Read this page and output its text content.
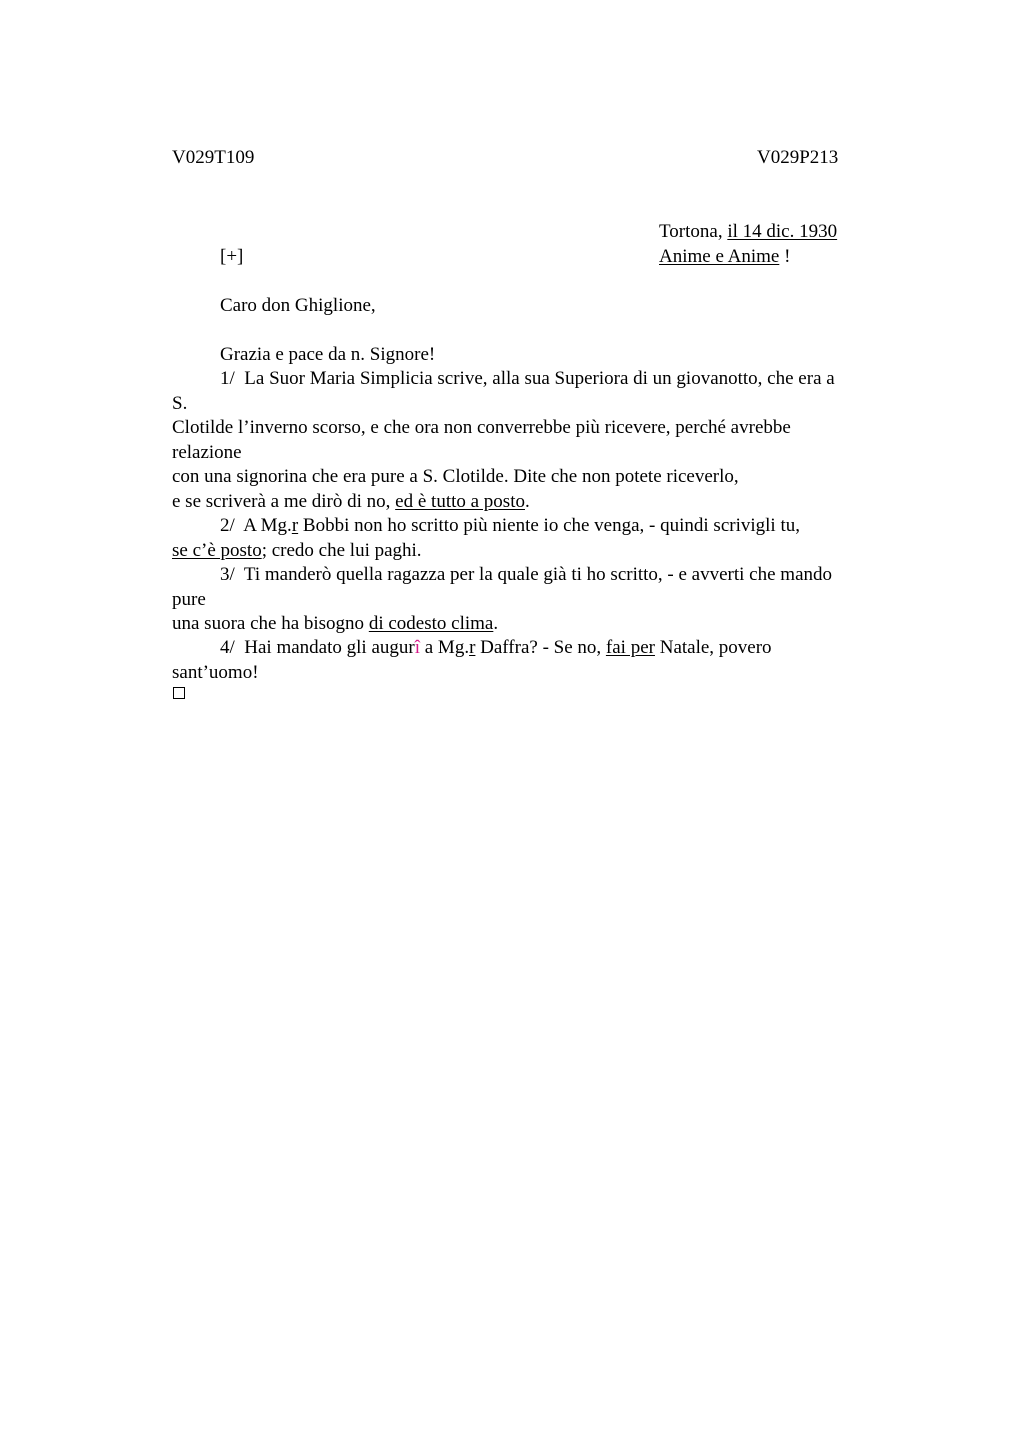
V029T109	V029P213
Tortona, il 14 dic. 1930
[+]	Anime e Anime !
Caro don Ghiglione,
Grazia e pace da n. Signore!
1/  La Suor Maria Simplicia scrive, alla sua Superiora di un giovanotto, che era a
S.
Clotilde l’inverno scorso, e che ora non converrebbe più ricevere, perché avrebbe
relazione
con una signorina che era pure a S. Clotilde. Dite che non potete riceverlo,
e se scriverà a me dirò di no, ed è tutto a posto.
2/  A Mg.r Bobbi non ho scritto più niente io che venga, - quindi scrivigli tu,
se c’è posto; credo che lui paghi.
3/  Ti manderò quella ragazza per la quale già ti ho scritto, - e avverti che mando
pure
una suora che ha bisogno di codesto clima.
4/  Hai mandato gli augurî a Mg.r Daffra? - Se no, fai per Natale, povero
sant’uomo!
